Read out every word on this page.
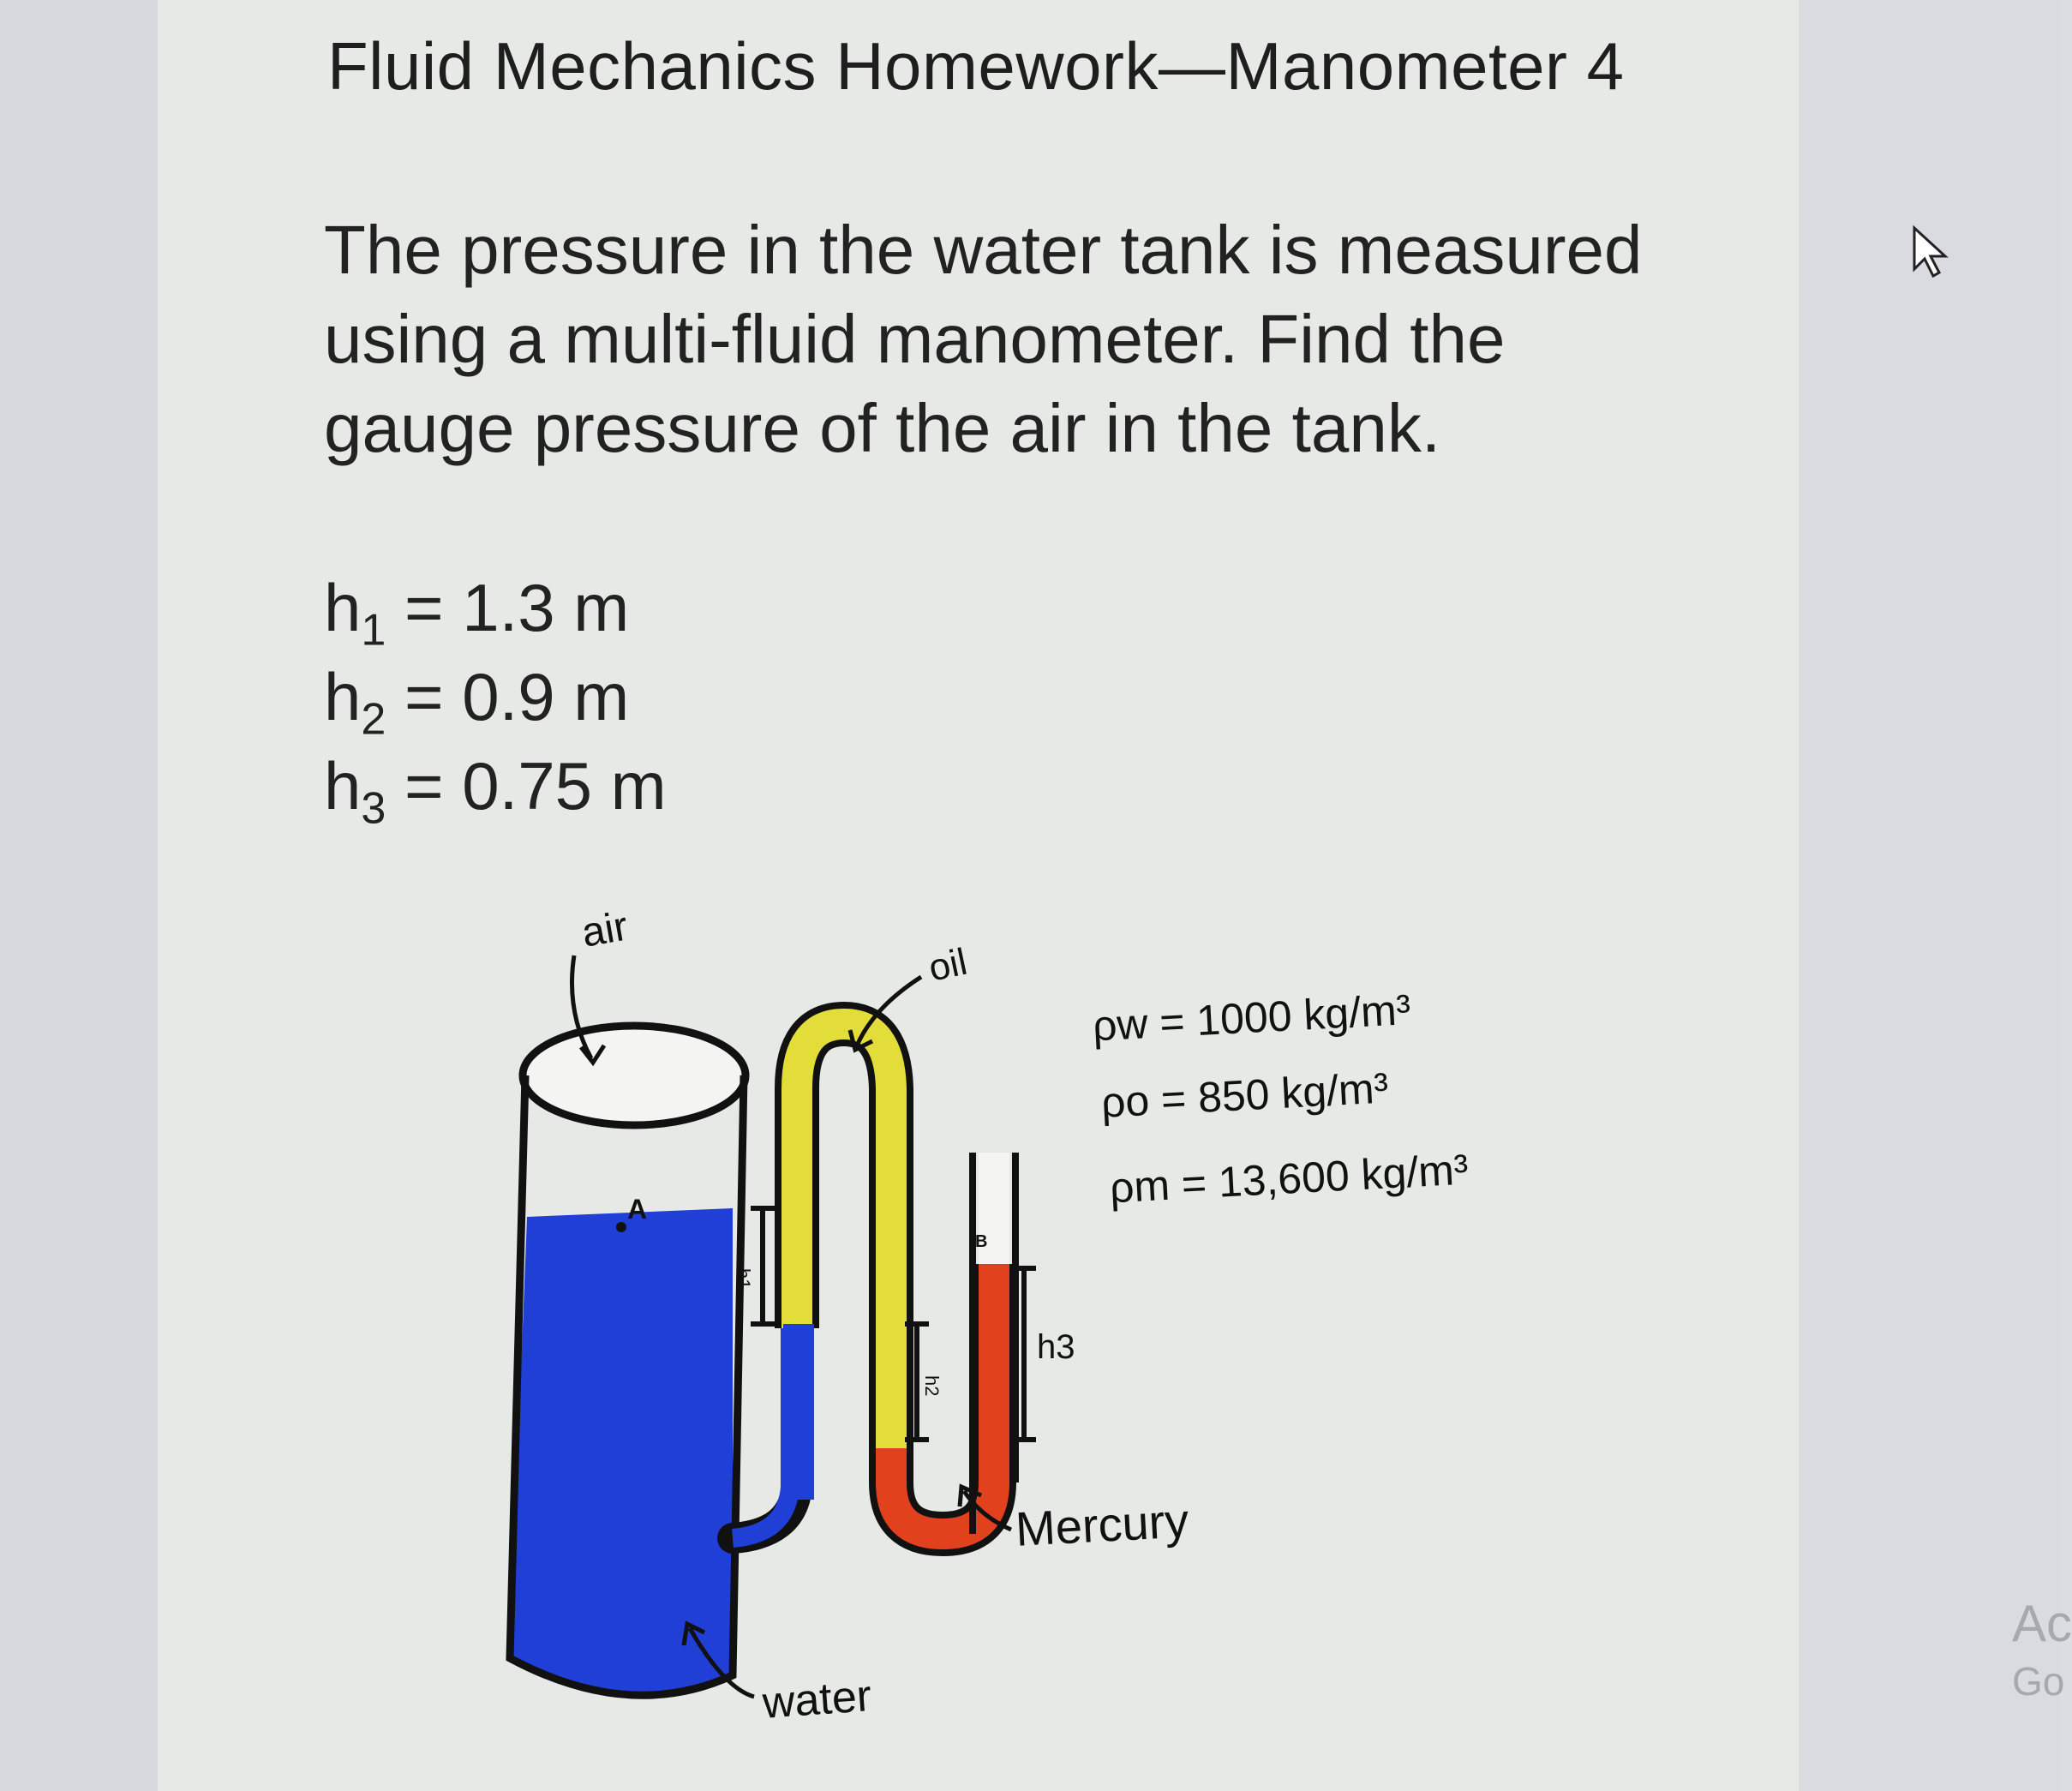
Fluid Mechanics Homework—Manometer 4
The pressure in the water tank is measured using a multi-fluid manometer. Find the gauge pressure of the air in the tank.
$h_1 = 1.3$ m
$h_2 = 0.9$ m
$h_3 = 0.75$ m
A
B
h1
h2
h3
air
oil
water
Mercury
ρw = 1000 kg/m³
ρo = 850 kg/m³
ρm = 13,600 kg/m³
Ac
Go
